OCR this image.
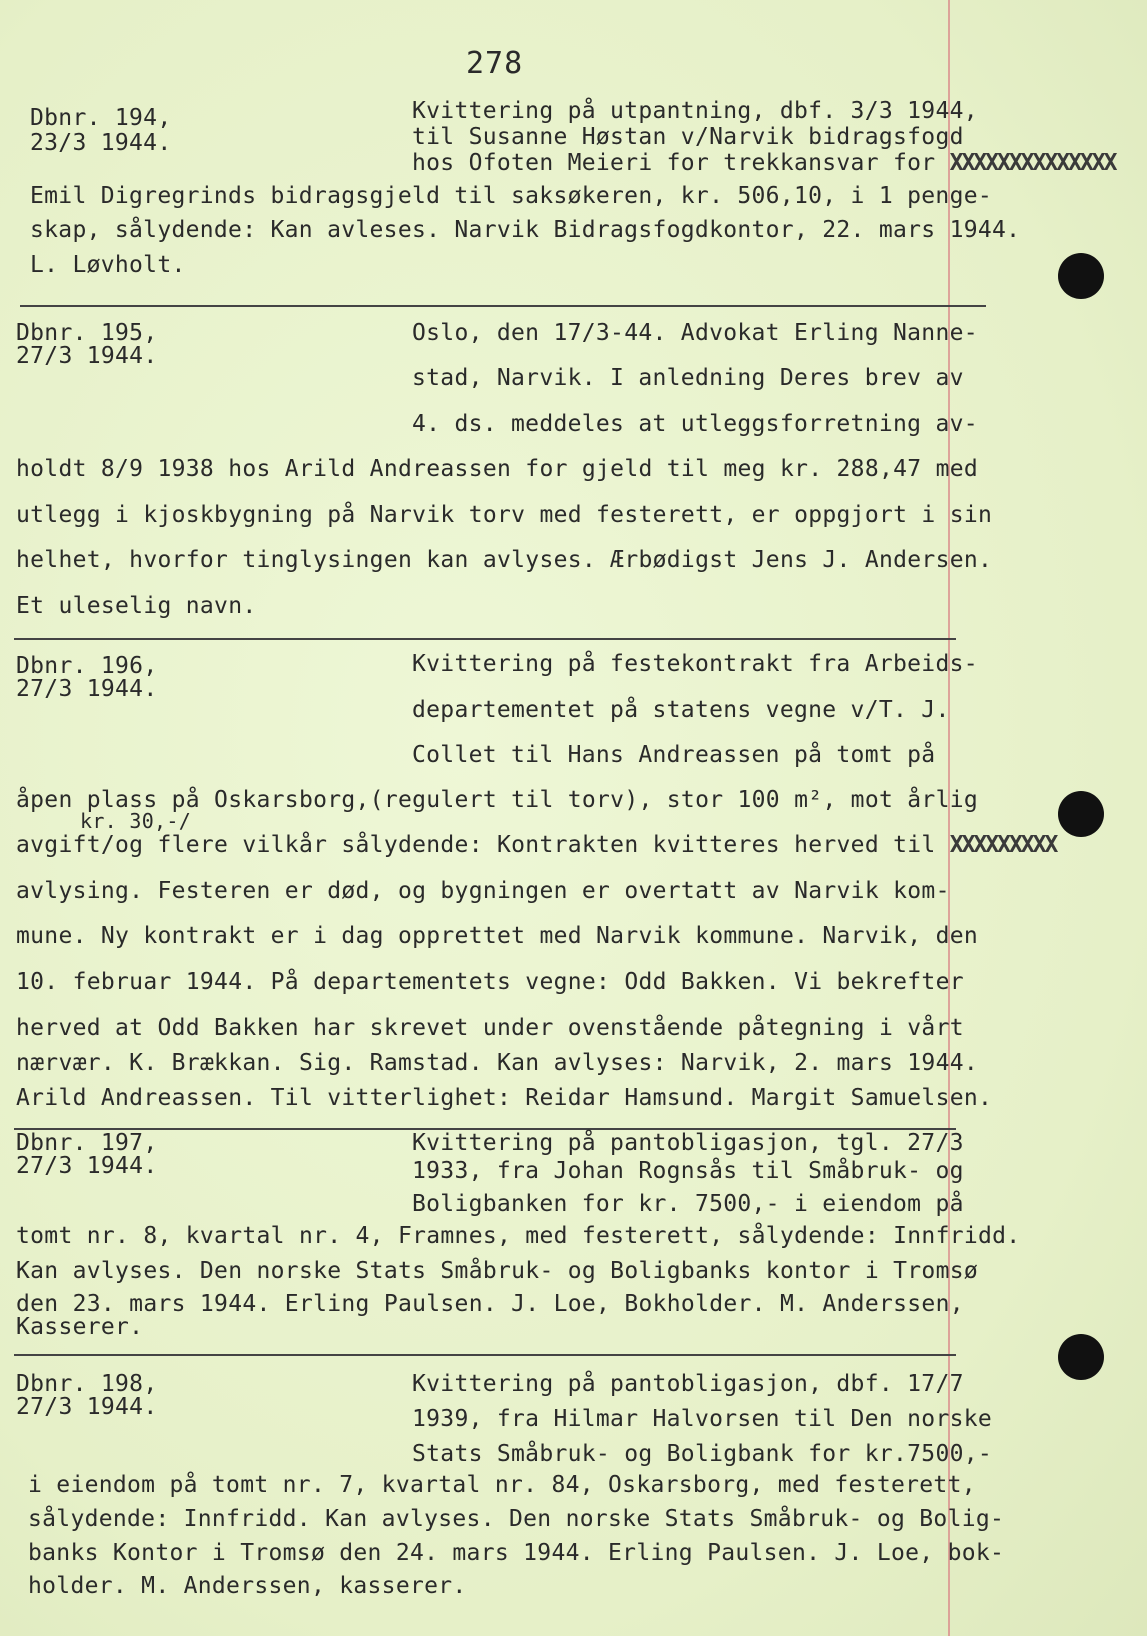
278
Dbnr. 194,
23/3 1944.
Kvittering på utpantning, dbf. 3/3 1944,
til Susanne Høstan v/Narvik bidragsfogd
hos Ofoten Meieri for trekkansvar for XXXXXXXXXXXXXX
Emil Digregrinds bidragsgjeld til saksøkeren, kr. 506,10, i 1 penge-
skap, sålydende: Kan avleses. Narvik Bidragsfogdkontor, 22. mars 1944.
L. Løvholt.
Dbnr. 195,
27/3 1944.
Oslo, den 17/3-44. Advokat Erling Nanne-
stad, Narvik. I anledning Deres brev av
4. ds. meddeles at utleggsforretning av-
holdt 8/9 1938 hos Arild Andreassen for gjeld til meg kr. 288,47 med
utlegg i kjoskbygning på Narvik torv med festerett, er oppgjort i sin
helhet, hvorfor tinglysingen kan avlyses. Ærbødigst Jens J. Andersen.
Et uleselig navn.
Dbnr. 196,
27/3 1944.
Kvittering på festekontrakt fra Arbeids-
departementet på statens vegne v/T. J.
Collet til Hans Andreassen på tomt på
åpen plass på Oskarsborg,(regulert til torv), stor 100 m², mot årlig
kr. 30,-/
avgift/og flere vilkår sålydende: Kontrakten kvitteres herved til XXXXXXXXX
avlysing. Festeren er død, og bygningen er overtatt av Narvik kom-
mune. Ny kontrakt er i dag opprettet med Narvik kommune. Narvik, den
10. februar 1944. På departementets vegne: Odd Bakken. Vi bekrefter
herved at Odd Bakken har skrevet under ovenstående påtegning i vårt
nærvær. K. Brækkan. Sig. Ramstad. Kan avlyses: Narvik, 2. mars 1944.
Arild Andreassen. Til vitterlighet: Reidar Hamsund. Margit Samuelsen.
Dbnr. 197,
27/3 1944.
Kvittering på pantobligasjon, tgl. 27/3
1933, fra Johan Rognsås til Småbruk- og
Boligbanken for kr. 7500,- i eiendom på
tomt nr. 8, kvartal nr. 4, Framnes, med festerett, sålydende: Innfridd.
Kan avlyses. Den norske Stats Småbruk- og Boligbanks kontor i Tromsø
den 23. mars 1944. Erling Paulsen. J. Loe, Bokholder. M. Anderssen,
Kasserer.
Dbnr. 198,
27/3 1944.
Kvittering på pantobligasjon, dbf. 17/7
1939, fra Hilmar Halvorsen til Den norske
Stats Småbruk- og Boligbank for kr.7500,-
i eiendom på tomt nr. 7, kvartal nr. 84, Oskarsborg, med festerett,
sålydende: Innfridd. Kan avlyses. Den norske Stats Småbruk- og Bolig-
banks Kontor i Tromsø den 24. mars 1944. Erling Paulsen. J. Loe, bok-
holder. M. Anderssen, kasserer.
